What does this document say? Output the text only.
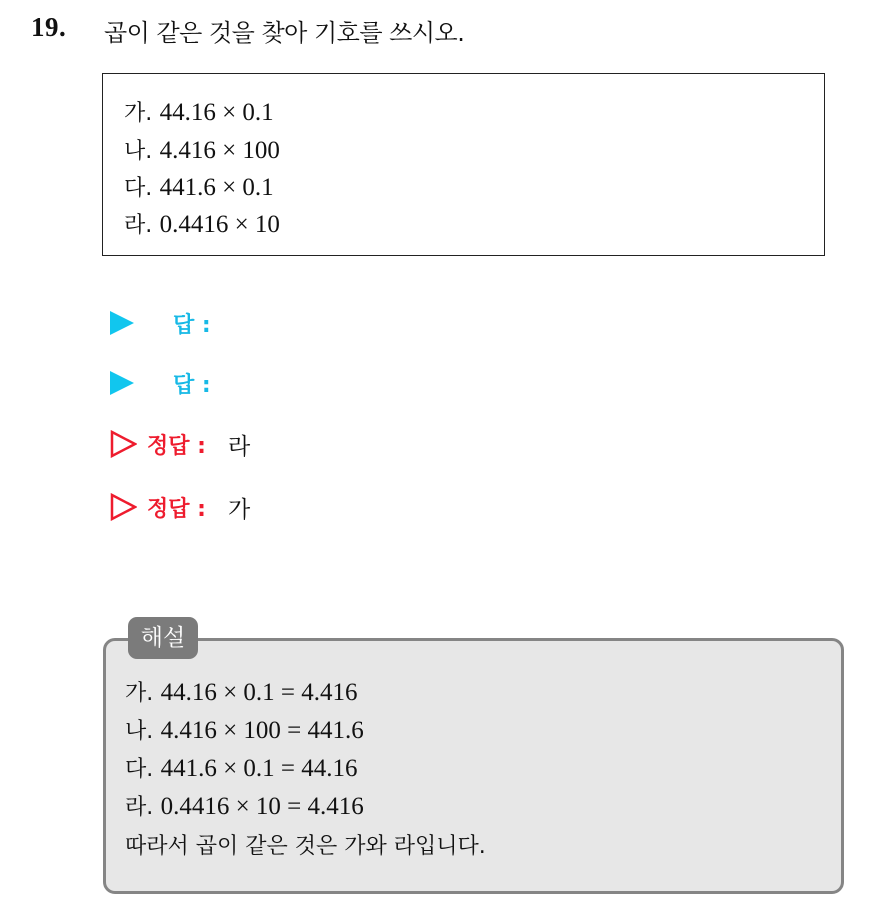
19. 곱이 같은 것을 찾아 기호를 쓰시오.
가. 44.16 × 0.1
나. 4.416 × 100
다. 441.6 × 0.1
라. 0.4416 × 10
답 :
답 :
정답 : 라
정답 : 가
해설
가. 44.16 × 0.1 = 4.416
나. 4.416 × 100 = 441.6
다. 441.6 × 0.1 = 44.16
라. 0.4416 × 10 = 4.416
따라서 곱이 같은 것은 가와 라입니다.
